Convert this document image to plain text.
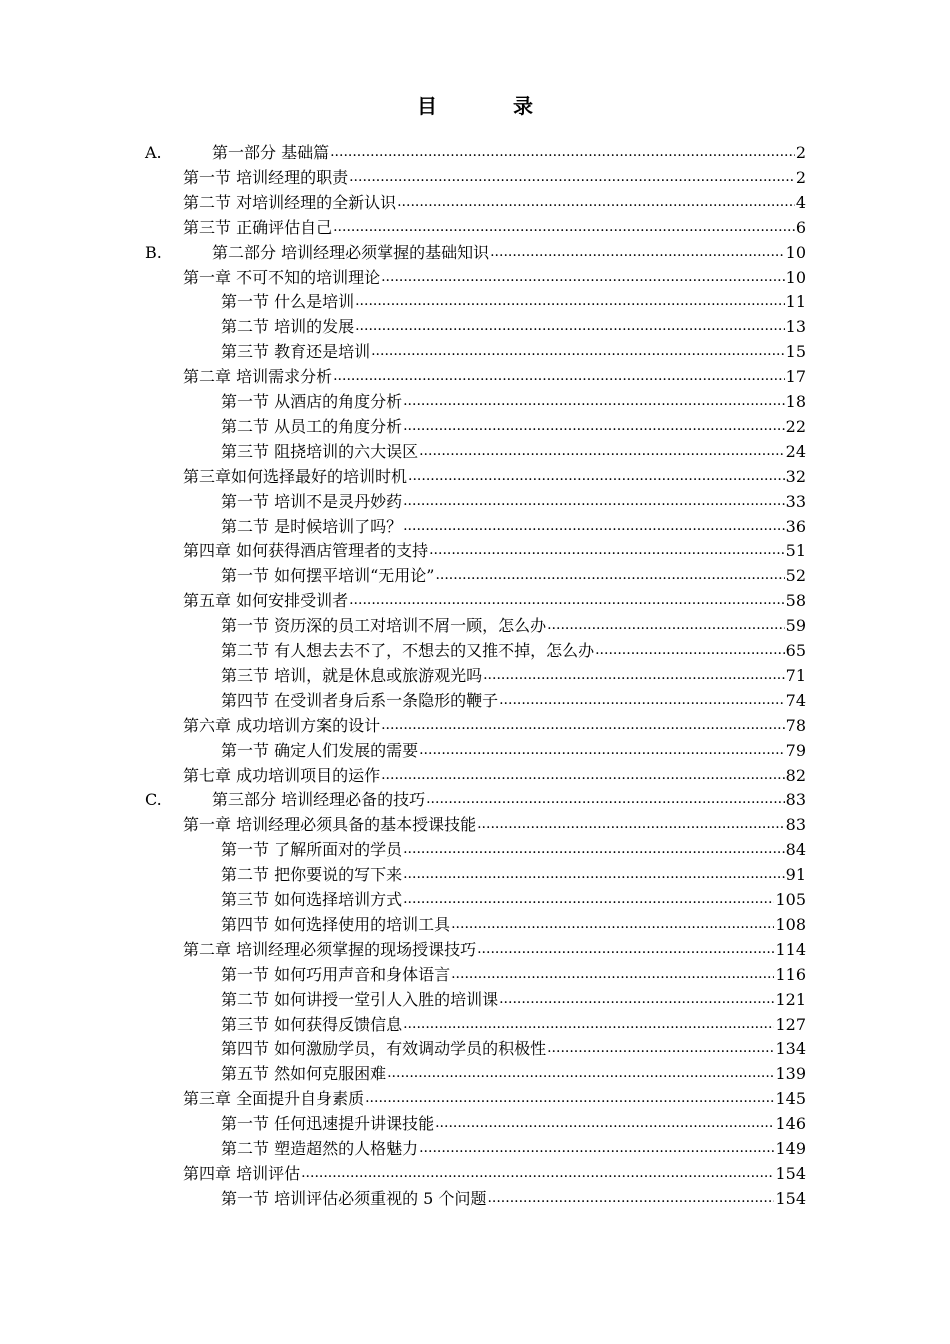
目　录
A.	第一部分 基础篇 .....	2
第一节 培训经理的职责 .....	2
第二节 对培训经理的全新认识 .....	4
第三节 正确评估自己 .....	6
B.	第二部分 培训经理必须掌握的基础知识 .....	10
第一章 不可不知的培训理论 .....	10
第一节 什么是培训 .....	11
第二节 培训的发展 .....	13
第三节 教育还是培训 .....	15
第二章 培训需求分析 .....	17
第一节 从酒店的角度分析 .....	18
第二节 从员工的角度分析 .....	22
第三节 阻挠培训的六大误区 .....	24
第三章如何选择最好的培训时机 .....	32
第一节 培训不是灵丹妙药 .....	33
第二节 是时候培训了吗？ .....	36
第四章 如何获得酒店管理者的支持 .....	51
第一节 如何摆平培训“无用论” .....	52
第五章 如何安排受训者 .....	58
第一节 资历深的员工对培训不屑一顾，怎么办 .....	59
第二节 有人想去去不了，不想去的又推不掉，怎么办 .....	65
第三节 培训，就是休息或旅游观光吗 .....	71
第四节 在受训者身后系一条隐形的鞭子 .....	74
第六章 成功培训方案的设计 .....	78
第一节 确定人们发展的需要 .....	79
第七章 成功培训项目的运作 .....	82
C.	第三部分 培训经理必备的技巧 .....	83
第一章 培训经理必须具备的基本授课技能 .....	83
第一节 了解所面对的学员 .....	84
第二节 把你要说的写下来 .....	91
第三节 如何选择培训方式 .....	105
第四节 如何选择使用的培训工具 .....	108
第二章 培训经理必须掌握的现场授课技巧 .....	114
第一节 如何巧用声音和身体语言 .....	116
第二节 如何讲授一堂引人入胜的培训课 .....	121
第三节 如何获得反馈信息 .....	127
第四节 如何激励学员，有效调动学员的积极性 .....	134
第五节 然如何克服困难 .....	139
第三章 全面提升自身素质 .....	145
第一节 任何迅速提升讲课技能 .....	146
第二节 塑造超然的人格魅力 .....	149
第四章 培训评估 .....	154
第一节 培训评估必须重视的 5 个问题 .....	154
